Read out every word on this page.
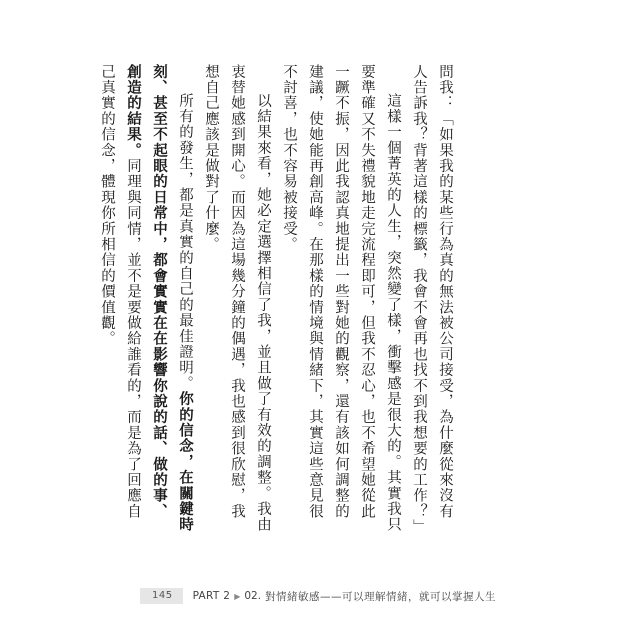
問我：「如果我的某些行為真的無法被公司接受，為什麼從來沒有人告訴我？背著這樣的標籤，我會不會再也找不到我想要的工作？」

這樣一個菁英的人生，突然變了樣，衝擊感是很大的。其實我只要準確又不失禮貌地走完流程即可，但我不忍心，也不希望她從此一蹶不振，因此我認真地提出一些對她的觀察，還有該如何調整的建議，使她能再創高峰。在那樣的情境與情緒下，其實這些意見很不討喜，也不容易被接受。

以結果來看，她必定選擇相信了我，並且做了有效的調整。我由衷替她感到開心。而因為這場幾分鐘的偶遇，我也感到很欣慰，我想自己應該是做對了什麼。

所有的發生，都是真實的自己的最佳證明。你的信念，在關鍵時刻、甚至不起眼的日常中，都會實實在在影響你說的話、做的事、創造的結果。同理與同情，並不是要做給誰看的，而是為了回應自己真實的信念，體現你所相信的價值觀。

145	PART 2 ▶ 02. 對情緒敏感——可以理解情緒，就可以掌握人生
